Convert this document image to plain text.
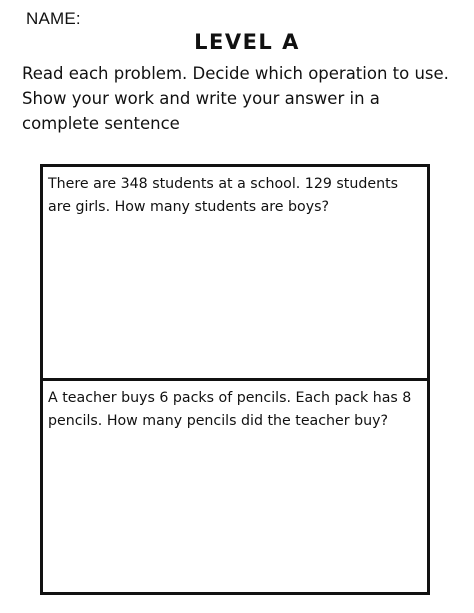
NAME:
LEVEL A
Read each problem. Decide which operation to use. Show your work and write your answer in a complete sentence
There are 348 students at a school. 129 students are girls. How many students are boys?
A teacher buys 6 packs of pencils. Each pack has 8 pencils. How many pencils did the teacher buy?
